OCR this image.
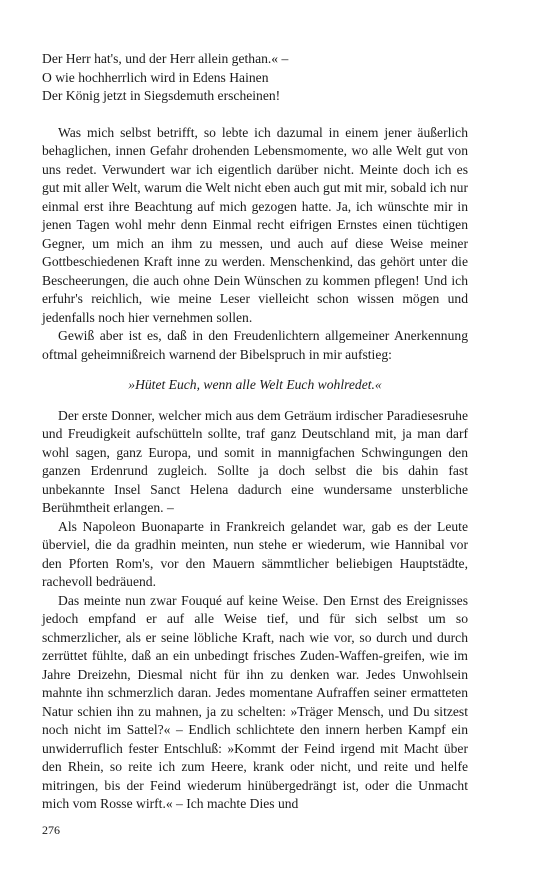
Der Herr hat's, und der Herr allein gethan.« –
O wie hochherrlich wird in Edens Hainen
Der König jetzt in Siegsdemuth erscheinen!

Was mich selbst betrifft, so lebte ich dazumal in einem jener äußerlich behaglichen, innen Gefahr drohenden Lebensmomente, wo alle Welt gut von uns redet. Verwundert war ich eigentlich darüber nicht. Meinte doch ich es gut mit aller Welt, warum die Welt nicht eben auch gut mit mir, sobald ich nur einmal erst ihre Beachtung auf mich gezogen hatte. Ja, ich wünschte mir in jenen Tagen wohl mehr denn Einmal recht eifrigen Ernstes einen tüchtigen Gegner, um mich an ihm zu messen, und auch auf diese Weise meiner Gottbeschiedenen Kraft inne zu werden. Menschenkind, das gehört unter die Bescheerungen, die auch ohne Dein Wünschen zu kommen pflegen! Und ich erfuhr's reichlich, wie meine Leser vielleicht schon wissen mögen und jedenfalls noch hier vernehmen sollen.

Gewiß aber ist es, daß in den Freudenlichtern allgemeiner Anerkennung oftmal geheimnißreich warnend der Bibelspruch in mir aufstieg:

»Hütet Euch, wenn alle Welt Euch wohlredet.«

Der erste Donner, welcher mich aus dem Geträum irdischer Paradiesesruhe und Freudigkeit aufschütteln sollte, traf ganz Deutschland mit, ja man darf wohl sagen, ganz Europa, und somit in mannigfachen Schwingungen den ganzen Erdenrund zugleich. Sollte ja doch selbst die bis dahin fast unbekannte Insel Sanct Helena dadurch eine wundersame unsterbliche Berühmtheit erlangen. –

Als Napoleon Buonaparte in Frankreich gelandet war, gab es der Leute überviel, die da gradhin meinten, nun stehe er wiederum, wie Hannibal vor den Pforten Rom's, vor den Mauern sämmtlicher beliebigen Hauptstädte, rachevoll bedräuend.

Das meinte nun zwar Fouqué auf keine Weise. Den Ernst des Ereignisses jedoch empfand er auf alle Weise tief, und für sich selbst um so schmerzlicher, als er seine löbliche Kraft, nach wie vor, so durch und durch zerrüttet fühlte, daß an ein unbedingt frisches Zuden-Waffen-greifen, wie im Jahre Dreizehn, Diesmal nicht für ihn zu denken war. Jedes Unwohlsein mahnte ihn schmerzlich daran. Jedes momentane Aufraffen seiner ermatteten Natur schien ihn zu mahnen, ja zu schelten: »Träger Mensch, und Du sitzest noch nicht im Sattel?« – Endlich schlichtete den innern herben Kampf ein unwiderruflich fester Entschluß: »Kommt der Feind irgend mit Macht über den Rhein, so reite ich zum Heere, krank oder nicht, und reite und helfe mitringen, bis der Feind wiederum hinübergedrängt ist, oder die Unmacht mich vom Rosse wirft.« – Ich machte Dies und

276
